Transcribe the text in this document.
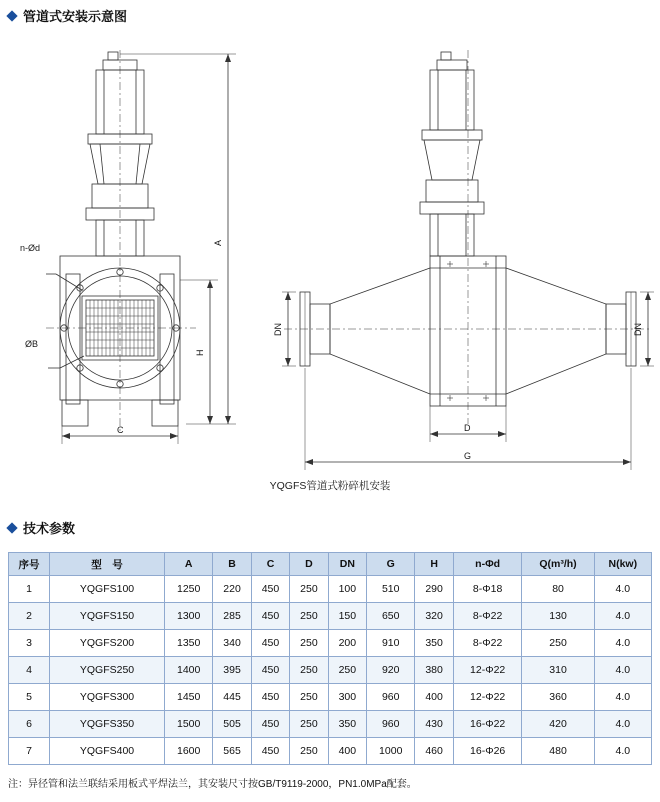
管道式安装示意图
A
H
C
DN	DN
D
G
n-Ød
ØB
YQGFS管道式粉碎机安装
技术参数
序号	型　号	A	B	C	D	DN	G	H	n-Φd	Q(m³/h)	N(kw)
1	YQGFS100	1250	220	450	250	100	510	290	8-Φ18	80	4.0
2	YQGFS150	1300	285	450	250	150	650	320	8-Φ22	130	4.0
3	YQGFS200	1350	340	450	250	200	910	350	8-Φ22	250	4.0
4	YQGFS250	1400	395	450	250	250	920	380	12-Φ22	310	4.0
5	YQGFS300	1450	445	450	250	300	960	400	12-Φ22	360	4.0
6	YQGFS350	1500	505	450	250	350	960	430	16-Φ22	420	4.0
7	YQGFS400	1600	565	450	250	400	1000	460	16-Φ26	480	4.0
注：异径管和法兰联结采用板式平焊法兰，其安装尺寸按GB/T9119-2000，PN1.0MPa配套。
